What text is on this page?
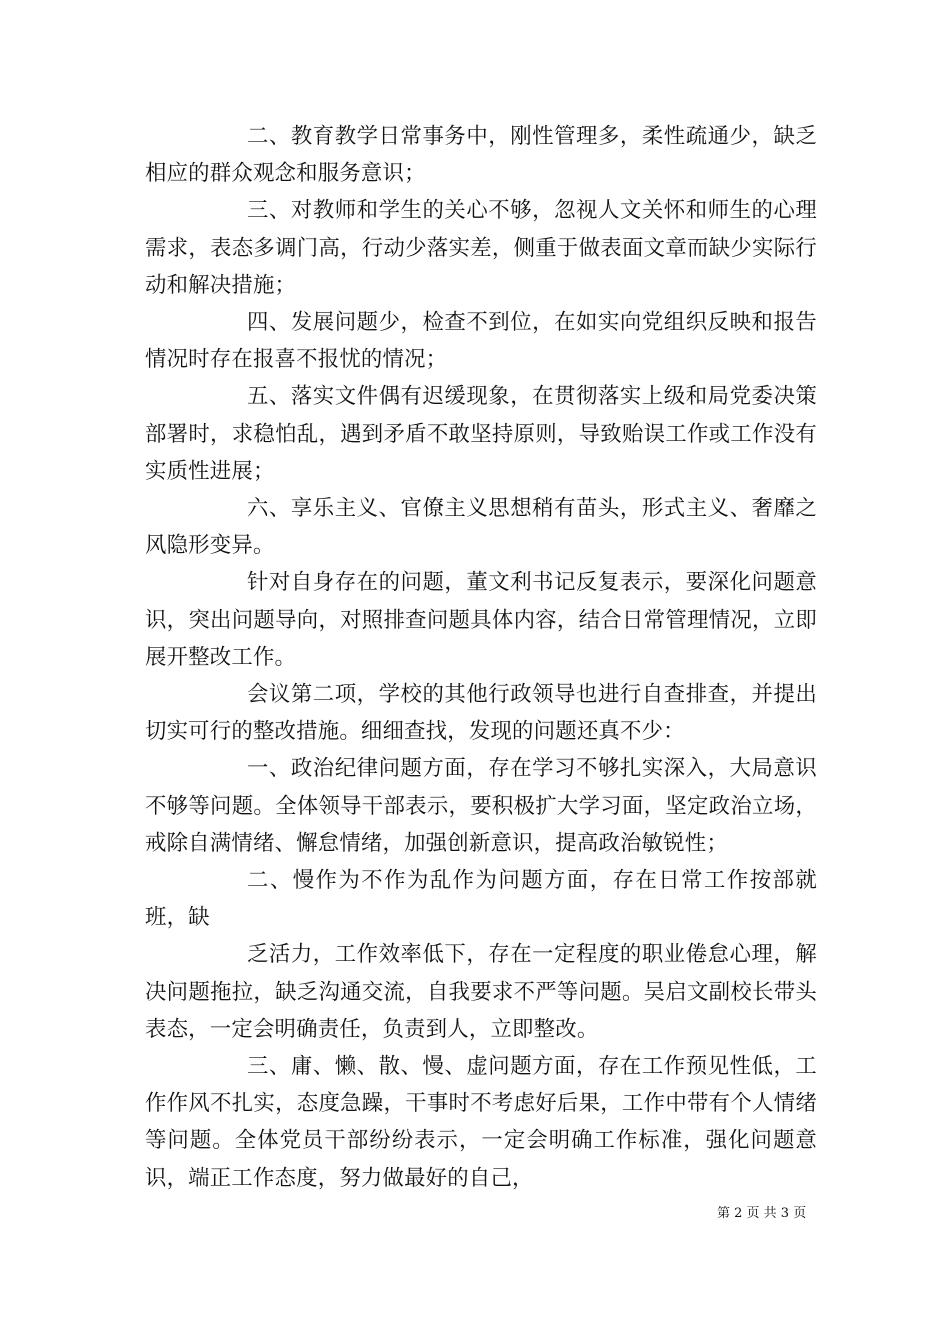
二、教育教学日常事务中，刚性管理多，柔性疏通少，缺乏相应的群众观念和服务意识；

三、对教师和学生的关心不够，忽视人文关怀和师生的心理需求，表态多调门高，行动少落实差，侧重于做表面文章而缺少实际行动和解决措施；

四、发展问题少，检查不到位，在如实向党组织反映和报告情况时存在报喜不报忧的情况；

五、落实文件偶有迟缓现象，在贯彻落实上级和局党委决策部署时，求稳怕乱，遇到矛盾不敢坚持原则，导致贻误工作或工作没有实质性进展；

六、享乐主义、官僚主义思想稍有苗头，形式主义、奢靡之风隐形变异。

针对自身存在的问题，董文利书记反复表示，要深化问题意识，突出问题导向，对照排查问题具体内容，结合日常管理情况，立即展开整改工作。

会议第二项，学校的其他行政领导也进行自查排查，并提出切实可行的整改措施。细细查找，发现的问题还真不少：

一、政治纪律问题方面，存在学习不够扎实深入，大局意识不够等问题。全体领导干部表示，要积极扩大学习面，坚定政治立场，戒除自满情绪、懈怠情绪，加强创新意识，提高政治敏锐性；

二、慢作为不作为乱作为问题方面，存在日常工作按部就班，缺

乏活力，工作效率低下，存在一定程度的职业倦怠心理，解决问题拖拉，缺乏沟通交流，自我要求不严等问题。吴启文副校长带头表态，一定会明确责任，负责到人，立即整改。

三、庸、懒、散、慢、虚问题方面，存在工作预见性低，工作作风不扎实，态度急躁，干事时不考虑好后果，工作中带有个人情绪等问题。全体党员干部纷纷表示，一定会明确工作标准，强化问题意识，端正工作态度，努力做最好的自己，

第 2 页 共 3 页
